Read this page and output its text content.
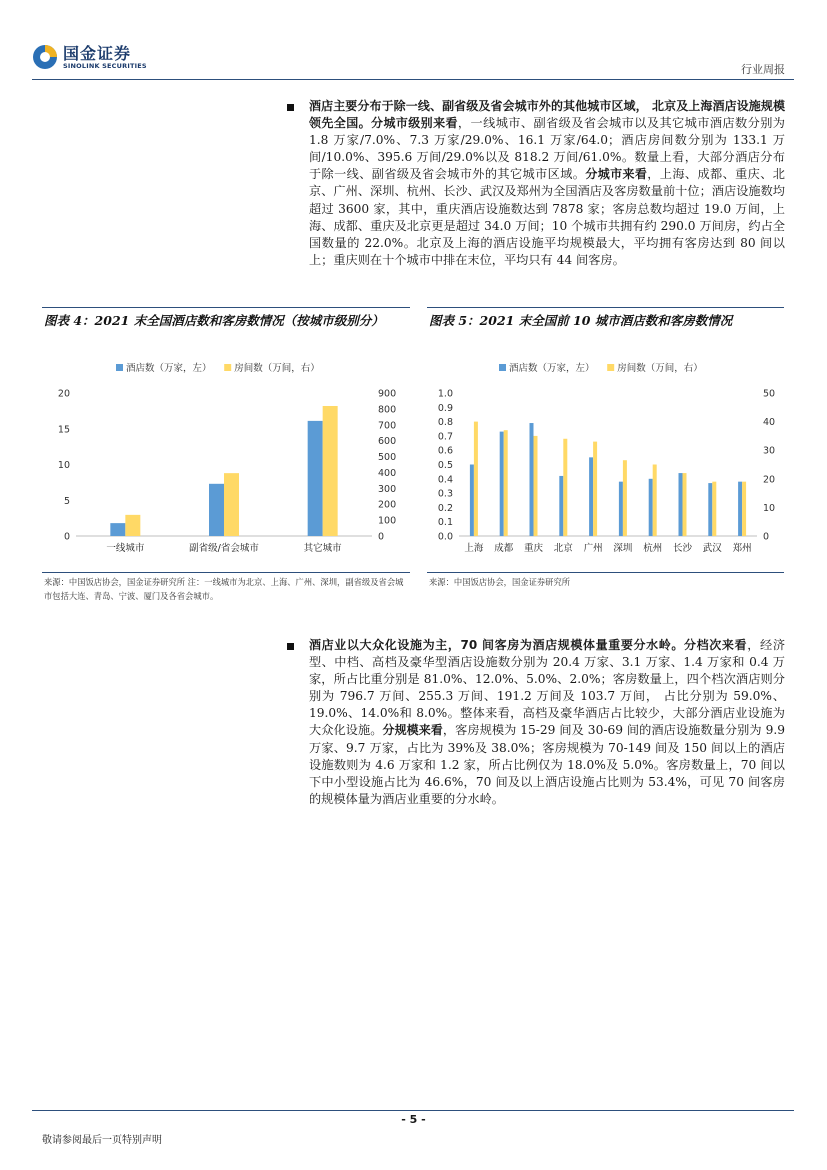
国金证券
SINOLINK SECURITIES	行业周报
酒店主要分布于除一线、副省级及省会城市外的其他城市区域， 北京及上海酒店设施规模领先全国。分城市级别来看，一线城市、副省级及省会城市以及其它城市酒店数分别为 1.8 万家/7.0%、7.3 万家/29.0%、16.1 万家/64.0；酒店房间数分别为 133.1 万间/10.0%、395.6 万间/29.0%以及 818.2 万间/61.0%。数量上看，大部分酒店分布于除一线、副省级及省会城市外的其它城市区域。分城市来看，上海、成都、重庆、北京、广州、深圳、杭州、长沙、武汉及郑州为全国酒店及客房数量前十位；酒店设施数均超过 3600 家，其中，重庆酒店设施数达到 7878 家；客房总数均超过 19.0 万间，上海、成都、重庆及北京更是超过 34.0 万间；10 个城市共拥有约 290.0 万间房，约占全国数量的 22.0%。北京及上海的酒店设施平均规模最大，平均拥有客房达到 80 间以上；重庆则在十个城市中排在末位，平均只有 44 间客房。
图表 4：2021 末全国酒店数和客房数情况（按城市级别分）	图表 5：2021 末全国前 10 城市酒店数和客房数情况
酒店数（万家，左） 房间数（万间，右）
0
5
10
15
20
0
100
200
300
400
500
600
700
800
900
一线城市	副省级/省会城市	其它城市
酒店数（万家，左） 房间数（万间，右）
0.0
0.1
0.2
0.3
0.4
0.5
0.6
0.7
0.8
0.9
1.0
0
10
20
30
40
50
上海 成都 重庆 北京 广州 深圳 杭州 长沙 武汉 郑州
来源：中国饭店协会，国金证券研究所 注：一线城市为北京、上海、广州、深圳，副省级及省会城市包括大连、青岛、宁波、厦门及各省会城市。
来源：中国饭店协会，国金证券研究所
酒店业以大众化设施为主，70 间客房为酒店规模体量重要分水岭。分档次来看，经济型、中档、高档及豪华型酒店设施数分别为 20.4 万家、3.1 万家、1.4 万家和 0.4 万家，所占比重分别是 81.0%、12.0%、5.0%、2.0%；客房数量上，四个档次酒店则分别为 796.7 万间、255.3 万间、191.2 万间及 103.7 万间， 占比分别为 59.0%、19.0%、14.0%和 8.0%。整体来看，高档及豪华酒店占比较少，大部分酒店业设施为大众化设施。分规模来看，客房规模为 15-29 间及 30-69 间的酒店设施数量分别为 9.9 万家、9.7 万家，占比为 39%及 38.0%；客房规模为 70-149 间及 150 间以上的酒店设施数则为 4.6 万家和 1.2 家，所占比例仅为 18.0%及 5.0%。客房数量上，70 间以下中小型设施占比为 46.6%，70 间及以上酒店设施占比则为 53.4%，可见 70 间客房的规模体量为酒店业重要的分水岭。
- 5 -
敬请参阅最后一页特别声明
